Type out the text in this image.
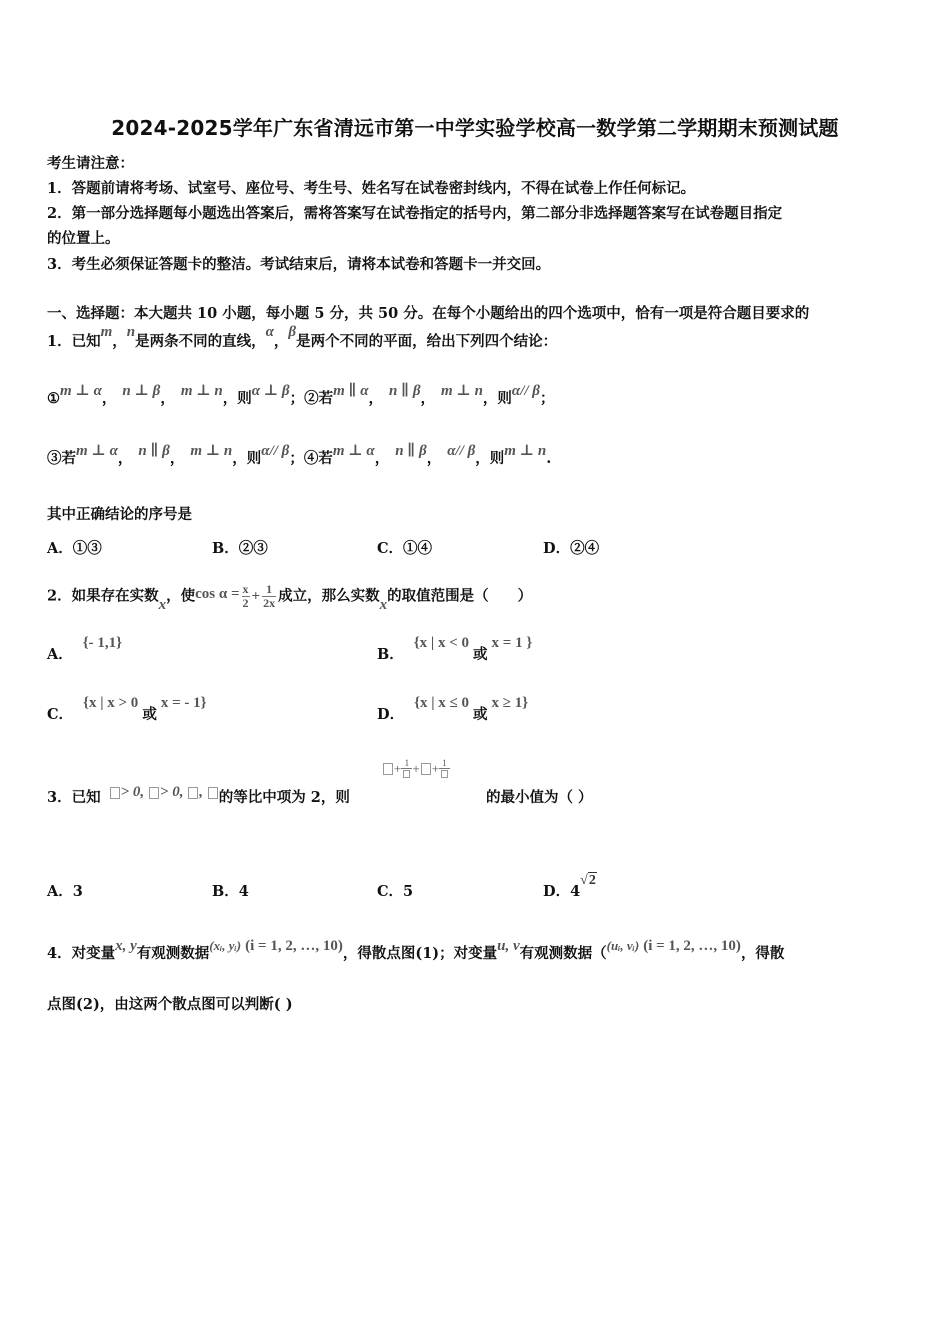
2024-2025学年广东省清远市第一中学实验学校高一数学第二学期期末预测试题
考生请注意：
1．答题前请将考场、试室号、座位号、考生号、姓名写在试卷密封线内，不得在试卷上作任何标记。
2．第一部分选择题每小题选出答案后，需将答案写在试卷指定的括号内，第二部分非选择题答案写在试卷题目指定
的位置上。
3．考生必须保证答题卡的整洁。考试结束后，请将本试卷和答题卡一并交回。
一、选择题：本大题共 10 小题，每小题 5 分，共 50 分。在每个小题给出的四个选项中，恰有一项是符合题目要求的
1．已知m，n是两条不同的直线，α，β是两个不同的平面，给出下列四个结论：
①m ⊥ α， n ⊥ β， m ⊥ n，则α ⊥ β；②若m ∥ α， n ∥ β， m ⊥ n，则α// β；
③若m ⊥ α， n ∥ β， m ⊥ n，则α// β；④若m ⊥ α， n ∥ β， α// β，则m ⊥ n.
其中正确结论的序号是
A．①③	B．②③	C．①④	D．②④
2．如果存在实数x，使$\cos \alpha = \frac{x}{2} + \frac{1}{2x}$ 成立，那么实数x的取值范围是（　　）
A．{- 1,1}
B．{x | x < 0或x = 1 }
C．{x | x > 0或x = - 1}
D．{x | x ≤ 0或x ≥ 1}
3．已知 > 0, > 0, , 的等比中项为 2，则
+ 1 + + 1
的最小值为（ ）
A．3	B．4	C．5	D．4√2
4．对变量x, y有观测数据(xᵢ, yᵢ) (i = 1, 2, …, 10)，得散点图(1)；对变量u, v有观测数据（(uᵢ, vᵢ) (i = 1, 2, …, 10)，得散
点图(2)，由这两个散点图可以判断( )
